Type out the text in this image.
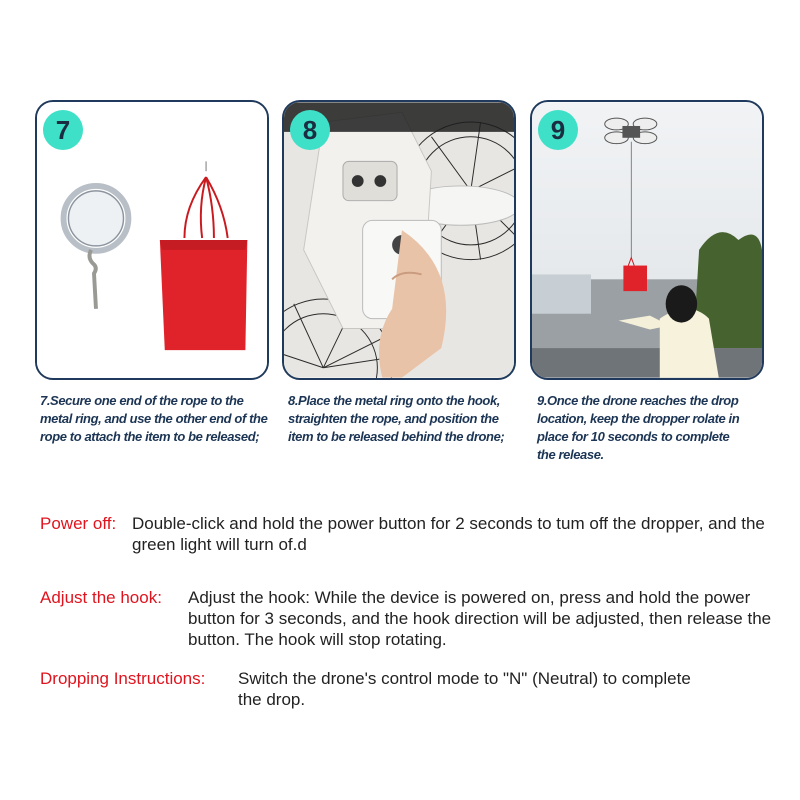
7	8	9
7.Secure one end of the rope to the metal ring, and use the other end of the rope to attach the item to be released;
8.Place the metal ring onto the hook, straighten the rope, and position the item to be released behind the drone;
9.Once the drone reaches the drop location, keep the dropper rolate in place for 10 seconds to complete the release.
Power off: Double-click and hold the power button for 2 seconds to tum off the dropper, and the green light will turn of.d
Adjust the hook: Adjust the hook: While the device is powered on, press and hold the power button for 3 seconds, and the hook direction will be adjusted, then release the button. The hook will stop rotating.
Dropping Instructions: Switch the drone's control mode to "N" (Neutral) to complete the drop.
